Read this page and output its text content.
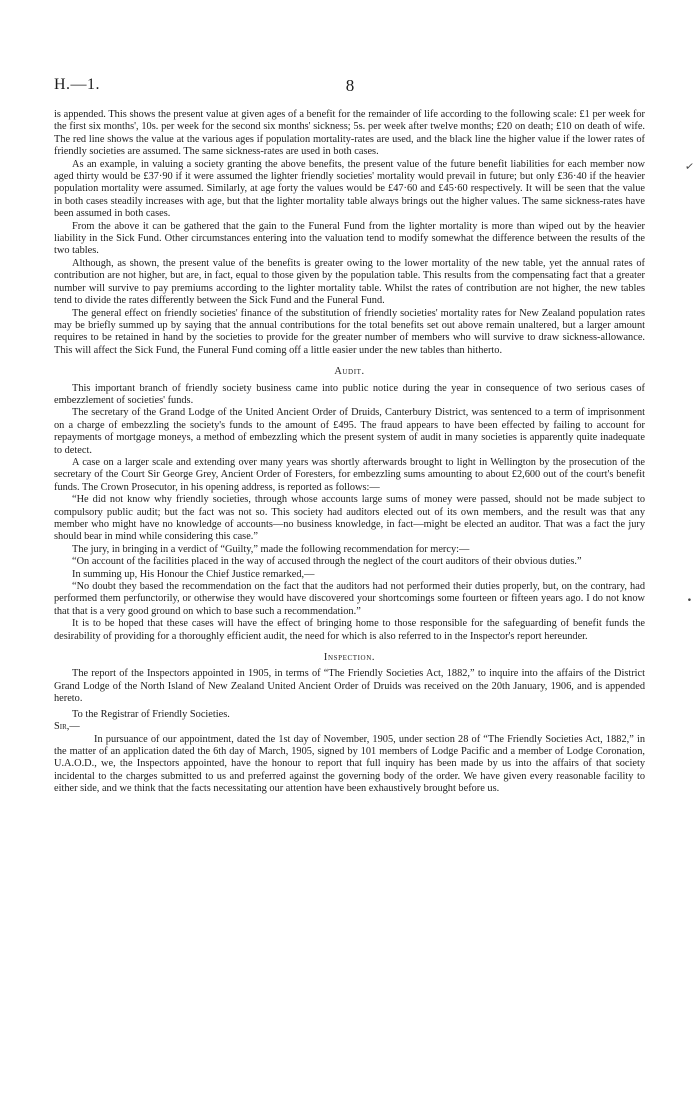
H.—1.	8

is appended. This shows the present value at given ages of a benefit for the remainder of life according to the following scale: £1 per week for the first six months', 10s. per week for the second six months' sickness; 5s. per week after twelve months; £20 on death; £10 on death of wife. The red line shows the value at the various ages if population mortality-rates are used, and the black line the higher value if the lower rates of friendly societies are assumed. The same sickness-rates are used in both cases.

As an example, in valuing a society granting the above benefits, the present value of the future benefit liabilities for each member now aged thirty would be £37·90 if it were assumed the lighter friendly societies' mortality would prevail in future; but only £36·40 if the heavier population mortality were assumed. Similarly, at age forty the values would be £47·60 and £45·60 respectively. It will be seen that the value in both cases steadily increases with age, but that the lighter mortality table always brings out the higher values. The same sickness-rates have been assumed in both cases.

From the above it can be gathered that the gain to the Funeral Fund from the lighter mortality is more than wiped out by the heavier liability in the Sick Fund. Other circumstances entering into the valuation tend to modify somewhat the difference between the results of the two tables.

Although, as shown, the present value of the benefits is greater owing to the lower mortality of the new table, yet the annual rates of contribution are not higher, but are, in fact, equal to those given by the population table. This results from the compensating fact that a greater number will survive to pay premiums according to the lighter mortality table. Whilst the rates of contribution are not higher, the new tables tend to divide the rates differently between the Sick Fund and the Funeral Fund.

The general effect on friendly societies' finance of the substitution of friendly societies' mortality rates for New Zealand population rates may be briefly summed up by saying that the annual contributions for the total benefits set out above remain unaltered, but a larger amount requires to be retained in hand by the societies to provide for the greater number of members who will survive to draw sickness-allowance. This will affect the Sick Fund, the Funeral Fund coming off a little easier under the new tables than hitherto.

Audit.

This important branch of friendly society business came into public notice during the year in consequence of two serious cases of embezzlement of societies' funds.

The secretary of the Grand Lodge of the United Ancient Order of Druids, Canterbury District, was sentenced to a term of imprisonment on a charge of embezzling the society's funds to the amount of £495. The fraud appears to have been effected by failing to account for repayments of mortgage moneys, a method of embezzling which the present system of audit in many societies is apparently quite inadequate to detect.

A case on a larger scale and extending over many years was shortly afterwards brought to light in Wellington by the prosecution of the secretary of the Court Sir George Grey, Ancient Order of Foresters, for embezzling sums amounting to about £2,600 out of the court's benefit funds. The Crown Prosecutor, in his opening address, is reported as follows:—

“He did not know why friendly societies, through whose accounts large sums of money were passed, should not be made subject to compulsory public audit; but the fact was not so. This society had auditors elected out of its own members, and the result was that any member who might have no knowledge of accounts—no business knowledge, in fact—might be elected an auditor. That was a fact the jury should bear in mind while considering this case.”

The jury, in bringing in a verdict of “Guilty,” made the following recommendation for mercy:—

“On account of the facilities placed in the way of accused through the neglect of the court auditors of their obvious duties.”

In summing up, His Honour the Chief Justice remarked,—

“No doubt they based the recommendation on the fact that the auditors had not performed their duties properly, but, on the contrary, had performed them perfunctorily, or otherwise they would have discovered your shortcomings some fourteen or fifteen years ago. I do not know that that is a very good ground on which to base such a recommendation.”

It is to be hoped that these cases will have the effect of bringing home to those responsible for the safeguarding of benefit funds the desirability of providing for a thoroughly efficient audit, the need for which is also referred to in the Inspector's report hereunder.

Inspection.

The report of the Inspectors appointed in 1905, in terms of “The Friendly Societies Act, 1882,” to inquire into the affairs of the District Grand Lodge of the North Island of New Zealand United Ancient Order of Druids was received on the 20th January, 1906, and is appended hereto.

To the Registrar of Friendly Societies.

Sir,—

In pursuance of our appointment, dated the 1st day of November, 1905, under section 28 of “The Friendly Societies Act, 1882,” in the matter of an application dated the 6th day of March, 1905, signed by 101 members of Lodge Pacific and a member of Lodge Coronation, U.A.O.D., we, the Inspectors appointed, have the honour to report that full inquiry has been made by us into the affairs of that society incidental to the charges submitted to us and preferred against the governing body of the order. We have given every reasonable facility to either side, and we think that the facts necessitating our attention have been exhaustively brought before us.

✓
•
